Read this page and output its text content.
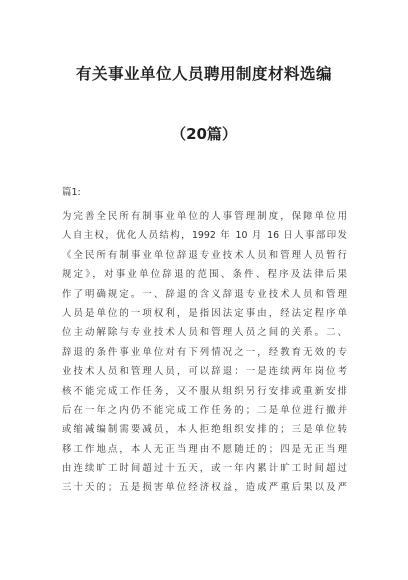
有关事业单位人员聘用制度材料选编
（20篇）
篇1:
为完善全民所有制事业单位的人事管理制度，保障单位用
人自主权，优化人员结构，1992 年 10 月 16 日人事部印发
《全民所有制事业单位辞退专业技术人员和管理人员暂行
规定》，对事业单位辞退的范围、条件、程序及法律后果
作了明确规定。一、辞退的含义辞退专业技术人员和管理
人员是单位的一项权利，是指因法定事由，经法定程序单
位主动解除与专业技术人员和管理人员之间的关系。二、
辞退的条件事业单位对有下列情况之一，经教育无效的专
业技术人员和管理人员，可以辞退：一是连续两年岗位考
核不能完成工作任务，又不服从组织另行安排或重新安排
后在一年之内仍不能完成工作任务的；二是单位进行撤并
或缩减编制需要减员，本人拒绝组织安排的；三是单位转
移工作地点，本人无正当理由不愿随迁的；四是无正当理
由连续旷工时间超过十五天，或一年内累计旷工时间超过
三十天的；五是损害单位经济权益，造成严重后果以及严
